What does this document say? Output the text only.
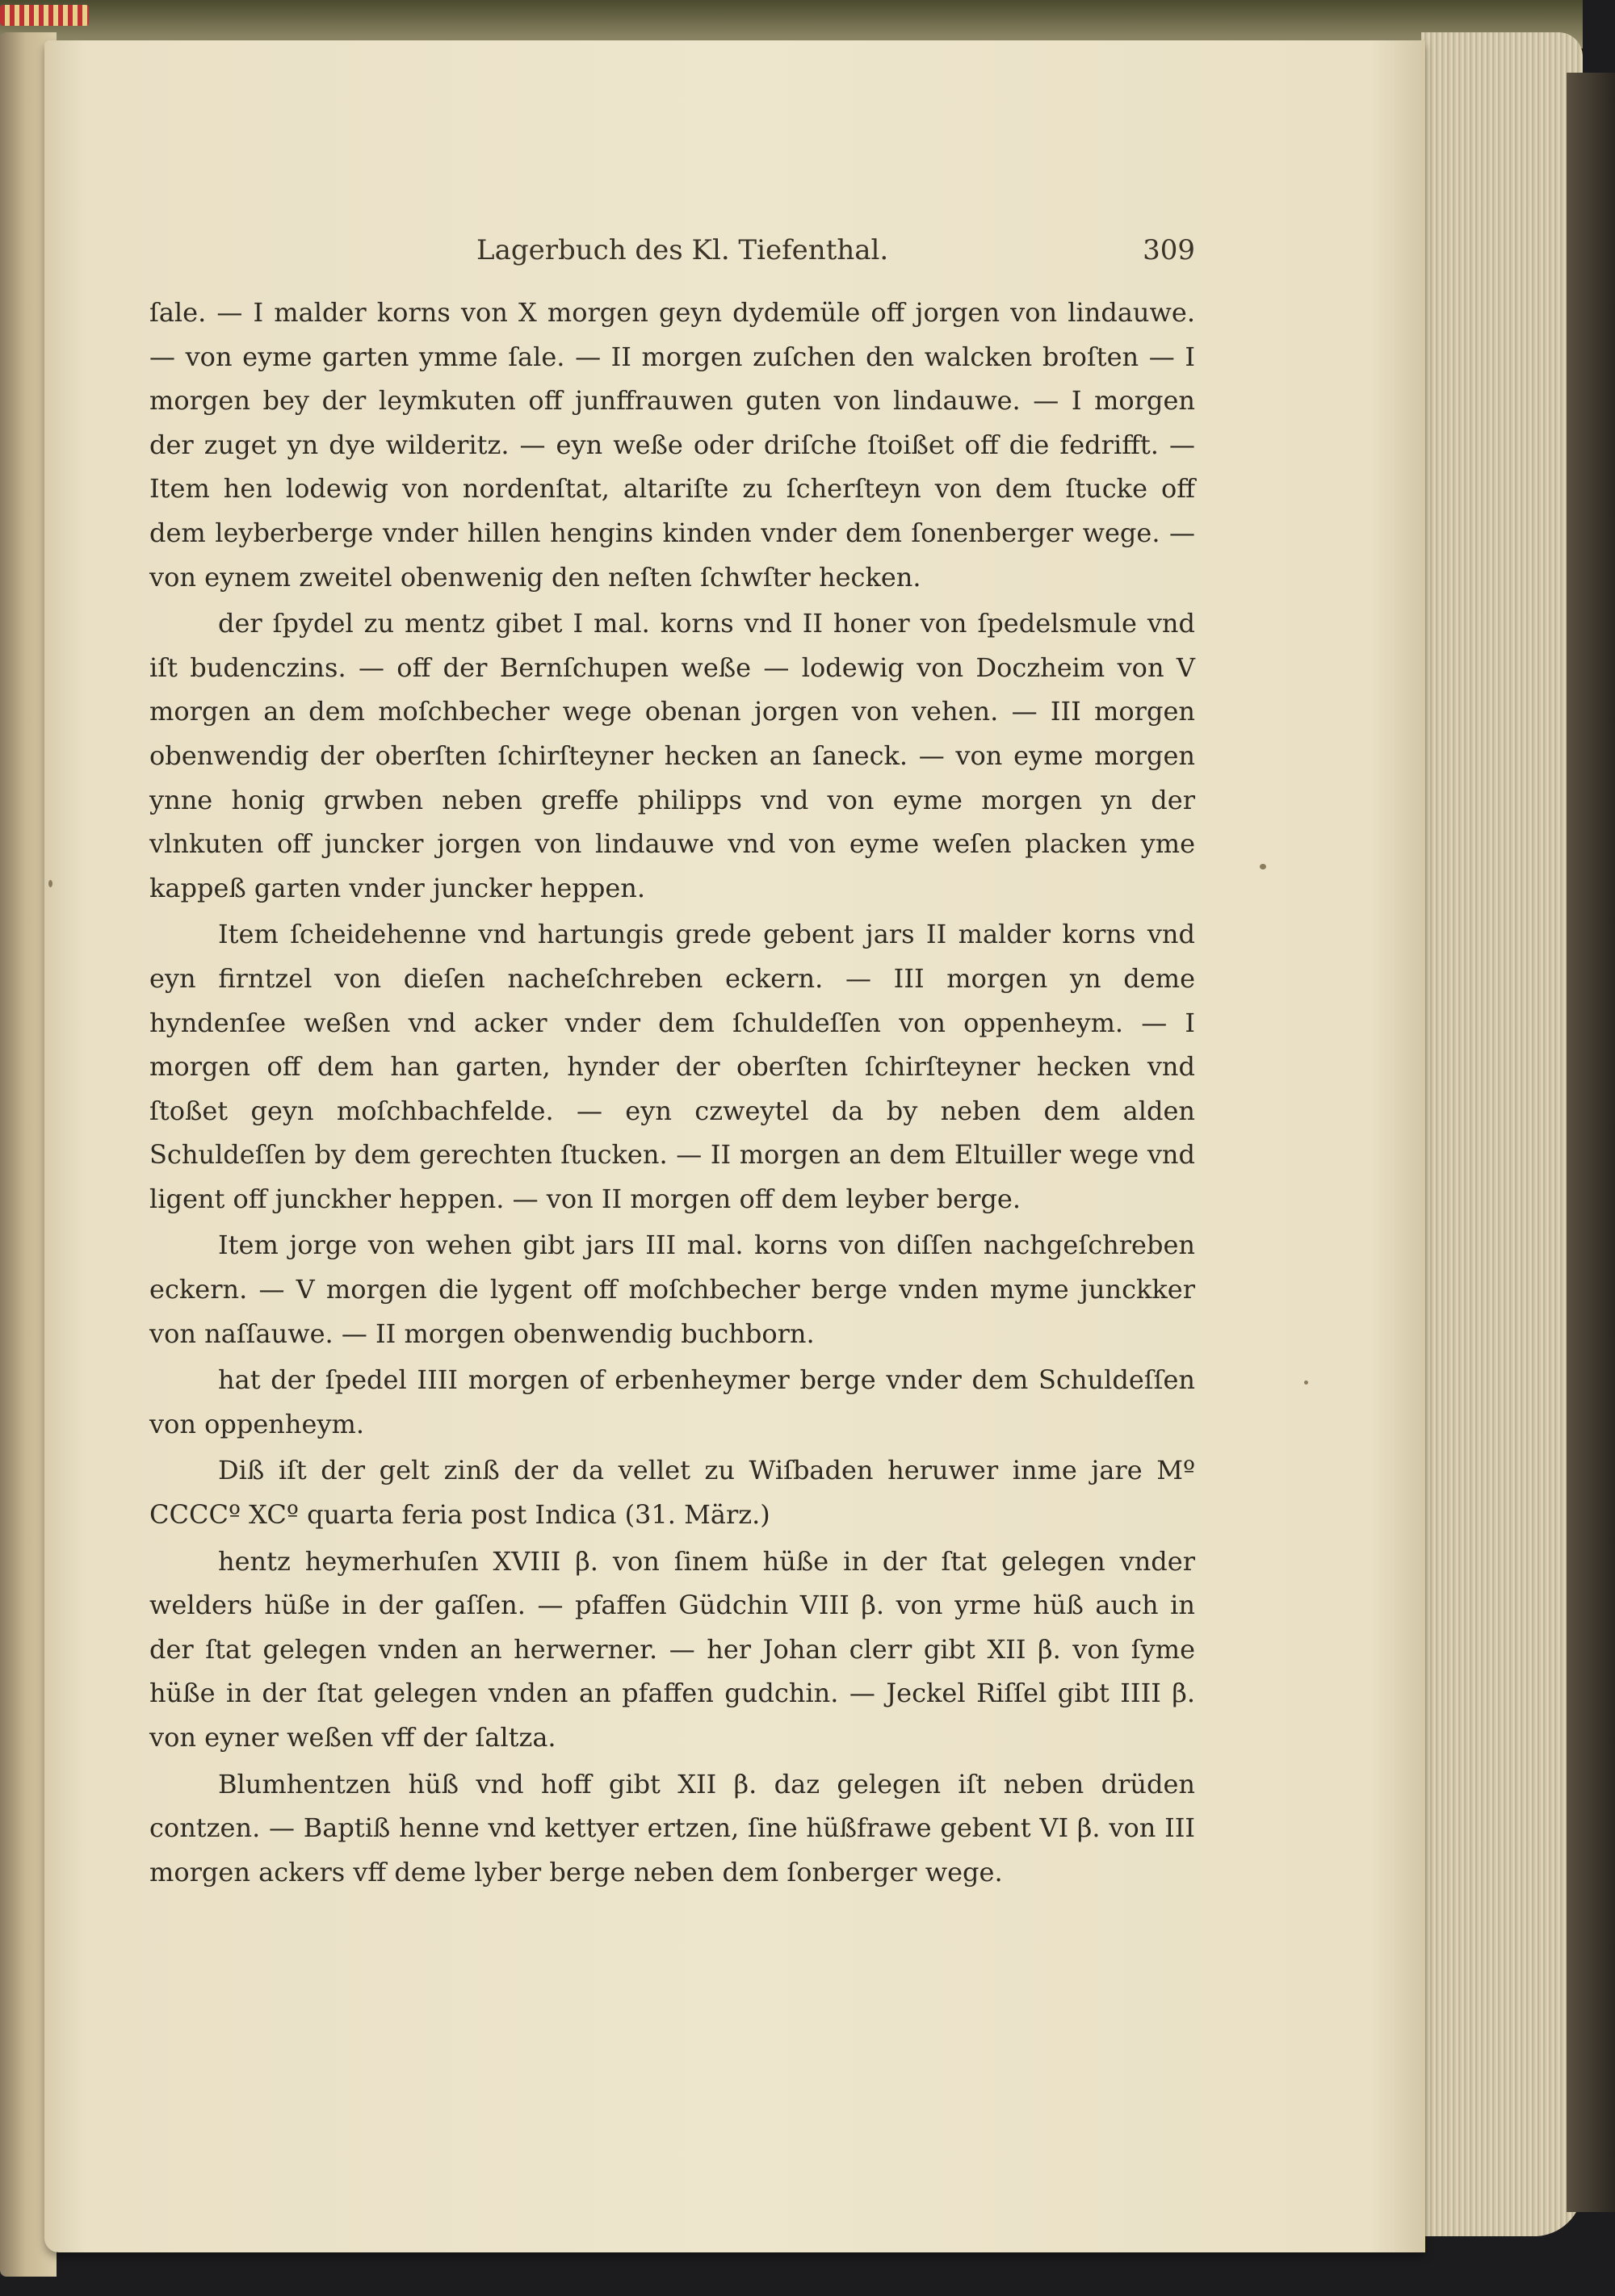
Lagerbuch des Kl. Tiefenthal.	309

ſale. — I malder korns von X morgen geyn dydemüle off jorgen von lindauwe. — von eyme garten ymme ſale. — II morgen zuſchen den walcken broſten — I morgen bey der leymkuten off junffrauwen guten von lindauwe. — I morgen der zuget yn dye wilderitz. — eyn weße oder driſche ſtoißet off die fedrifft. — Item hen lodewig von nordenſtat, altariſte zu ſcherſteyn von dem ſtucke off dem leyberberge vnder hillen hengins kinden vnder dem ſonenberger wege. — von eynem zweitel obenwenig den neſten ſchwſter hecken.

der ſpydel zu mentz gibet I mal. korns vnd II honer von ſpedelsmule vnd iſt budenczins. — off der Bernſchupen weße — lodewig von Doczheim von V morgen an dem moſchbecher wege obenan jorgen von vehen. — III morgen obenwendig der oberſten ſchirſteyner hecken an ſaneck. — von eyme morgen ynne honig grwben neben greffe philipps vnd von eyme morgen yn der vlnkuten off juncker jorgen von lindauwe vnd von eyme weſen placken yme kappeß garten vnder juncker heppen.

Item ſcheidehenne vnd hartungis grede gebent jars II malder korns vnd eyn firntzel von dieſen nacheſchreben eckern. — III morgen yn deme hyndenſee weßen vnd acker vnder dem ſchuldeſſen von oppenheym. — I morgen off dem han garten, hynder der oberſten ſchirſteyner hecken vnd ſtoßet geyn moſchbachfelde. — eyn czweytel da by neben dem alden Schuldeſſen by dem gerechten ſtucken. — II morgen an dem Eltuiller wege vnd ligent off junckher heppen. — von II morgen off dem leyber berge.

Item jorge von wehen gibt jars III mal. korns von diſſen nachgeſchreben eckern. — V morgen die lygent off moſchbecher berge vnden myme junckker von naſſauwe. — II morgen obenwendig buchborn.

hat der ſpedel IIII morgen of erbenheymer berge vnder dem Schuldeſſen von oppenheym.

Diß iſt der gelt zinß der da vellet zu Wiſbaden heruwer inme jare Mº CCCCº XCº quarta feria post Indica (31. März.)

hentz heymerhuſen XVIII β. von ſinem hüße in der ſtat gelegen vnder welders hüße in der gaſſen. — pfaffen Güdchin VIII β. von yrme hüß auch in der ſtat gelegen vnden an herwerner. — her Johan clerr gibt XII β. von ſyme hüße in der ſtat gelegen vnden an pfaffen gudchin. — Jeckel Riſſel gibt IIII β. von eyner weßen vff der ſaltza.

Blumhentzen hüß vnd hoff gibt XII β. daz gelegen iſt neben drüden contzen. — Baptiß henne vnd kettyer ertzen, ſine hüßfrawe gebent VI β. von III morgen ackers vff deme lyber berge neben dem ſonberger wege.
